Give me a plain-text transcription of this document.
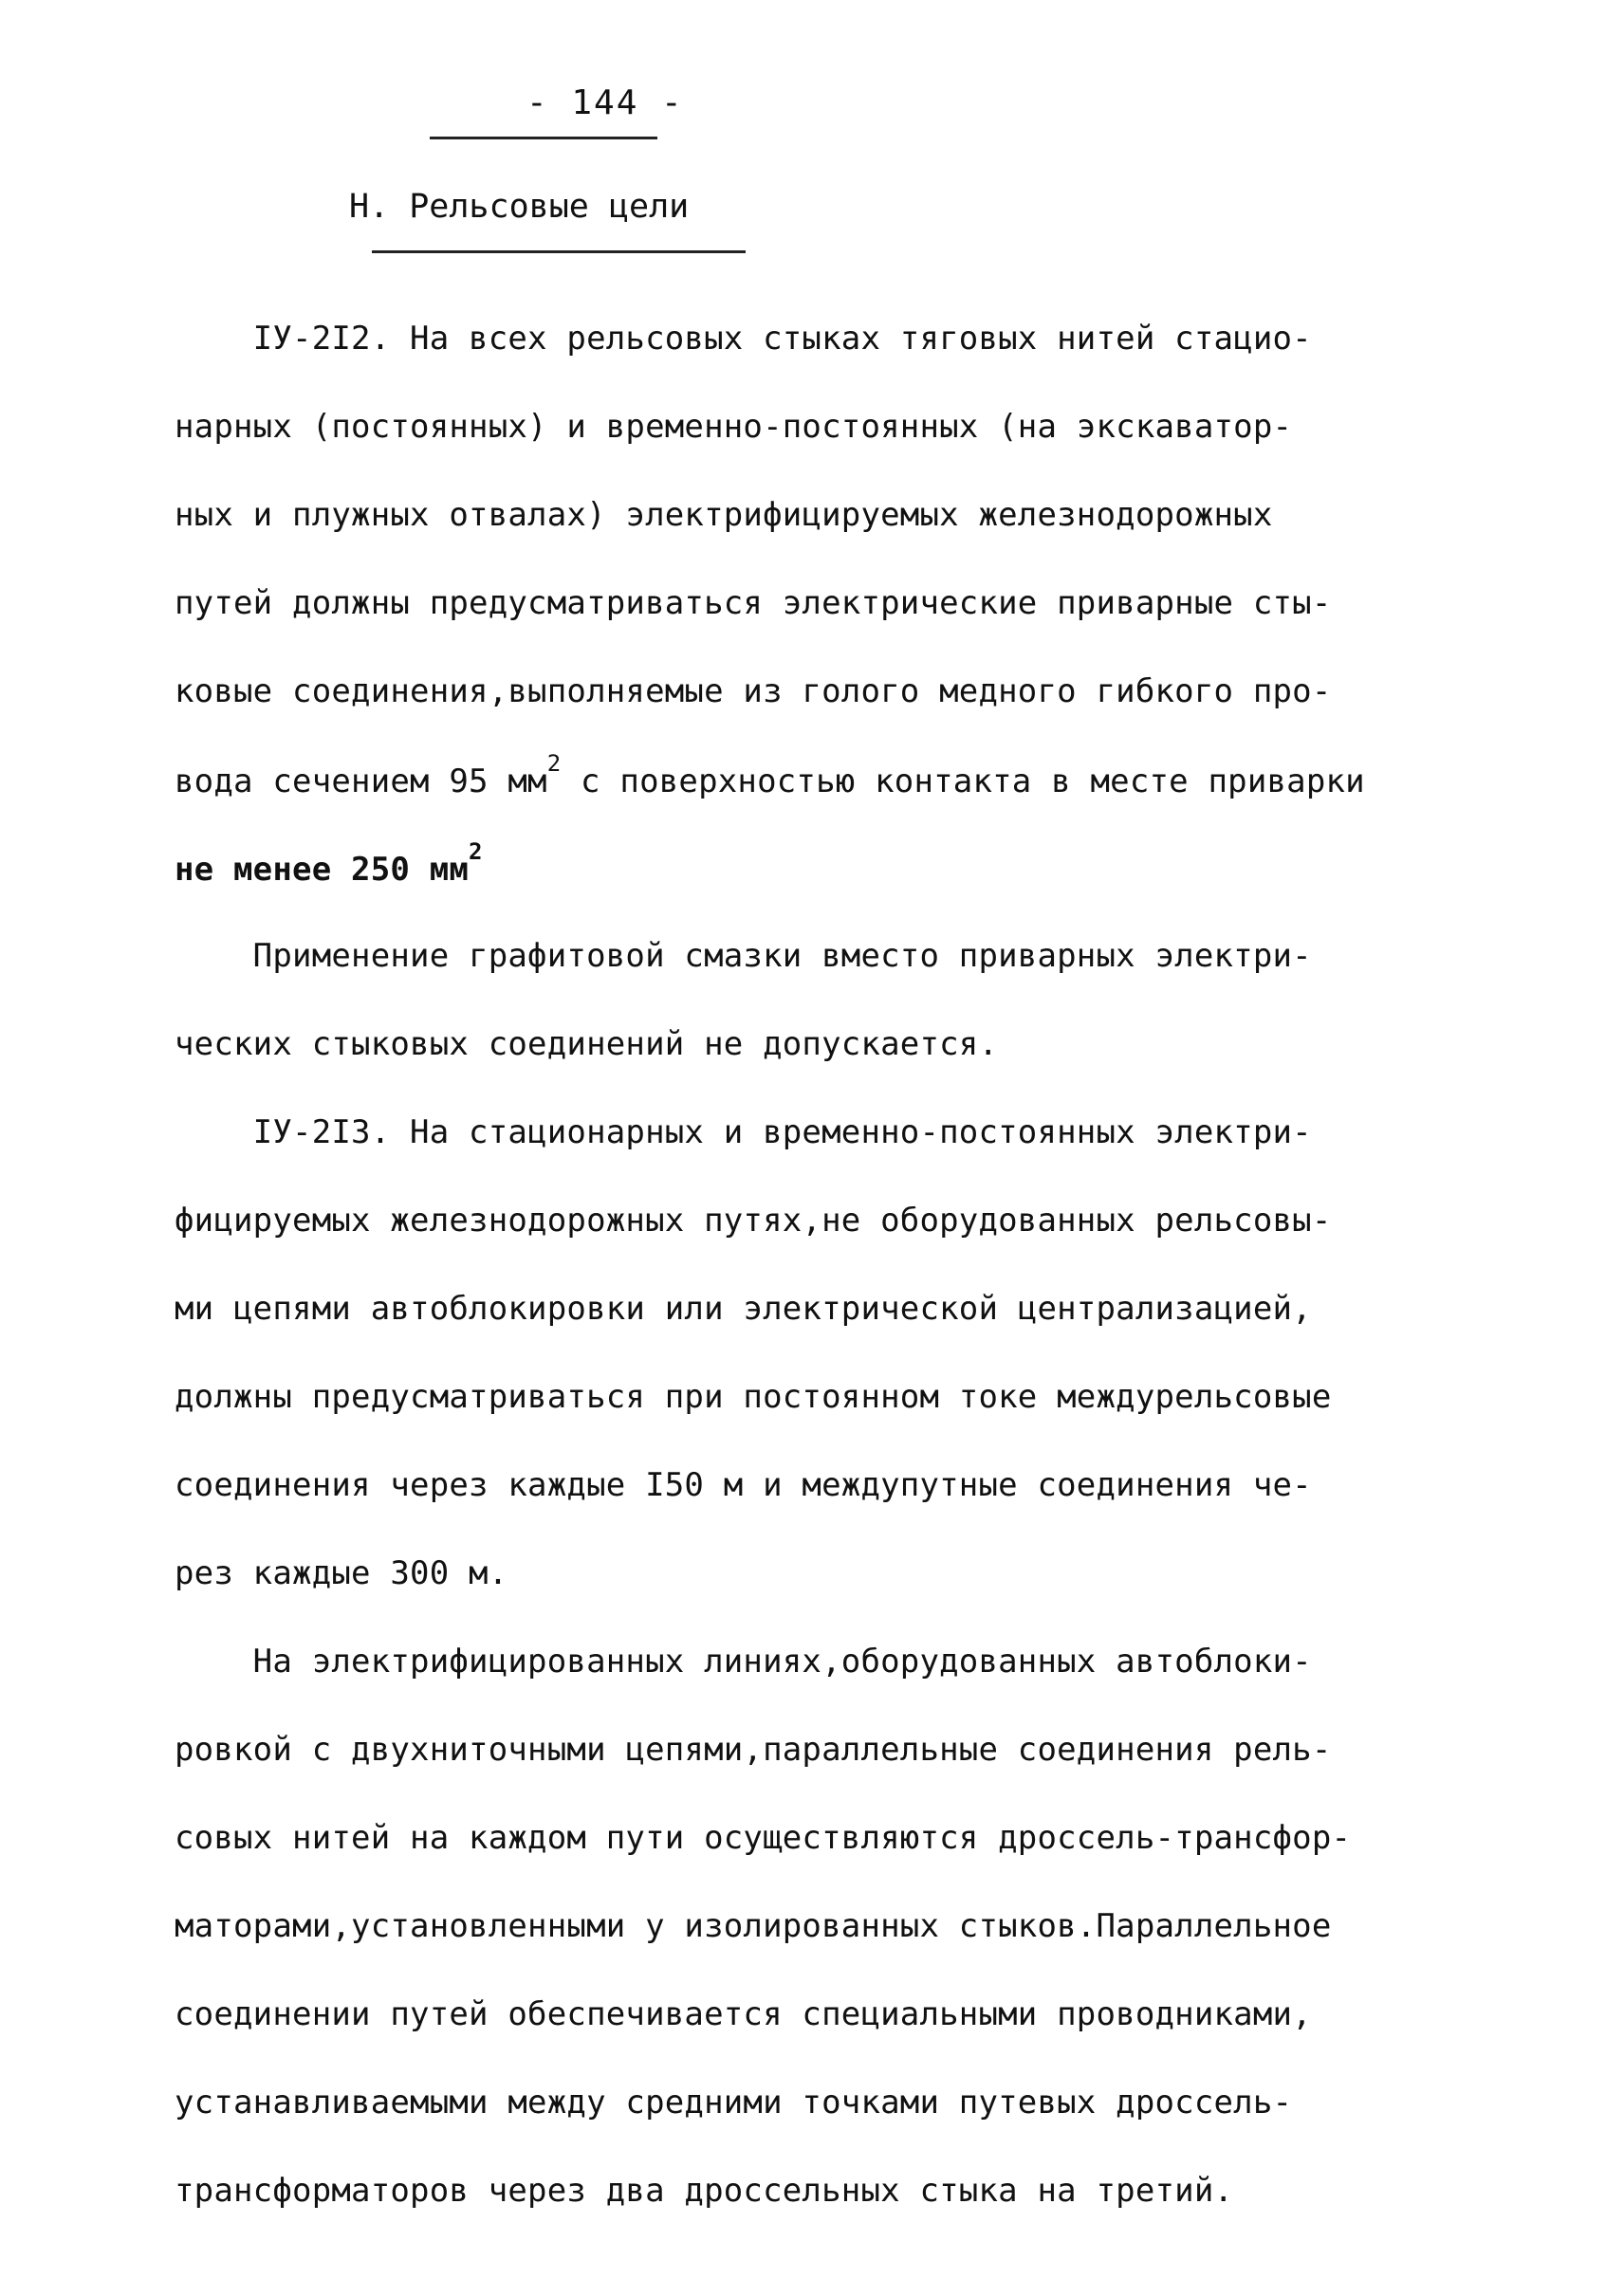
- 144 -
Н. Рельсовые цели
IУ-2I2. На всех рельсовых стыках тяговых нитей стацио-
нарных (постоянных) и временно-постоянных (на экскаватор-
ных и плужных отвалах) электрифицируемых железнодорожных
путей должны предусматриваться электрические приварные сты-
ковые соединения,выполняемые из голого медного гибкого про-
вода сечением 95 $мм^2$ с поверхностью контакта в месте приварки
не менее 250 $мм^2$
Применение графитовой смазки вместо приварных электри-
ческих стыковых соединений не допускается.
IУ-2I3. На стационарных и временно-постоянных электри-
фицируемых железнодорожных путях,не оборудованных рельсовы-
ми цепями автоблокировки или электрической централизацией,
должны предусматриваться при постоянном токе междурельсовые
соединения через каждые I50 м и междупутные соединения че-
рез каждые 300 м.
На электрифицированных линиях,оборудованных автоблоки-
ровкой с двухниточными цепями,параллельные соединения рель-
совых нитей на каждом пути осуществляются дроссель-трансфор-
маторами,установленными у изолированных стыков.Параллельное
соединении путей обеспечивается специальными проводниками,
устанавливаемыми между средними точками путевых дроссель-
трансформаторов через два дроссельных стыка на третий.
